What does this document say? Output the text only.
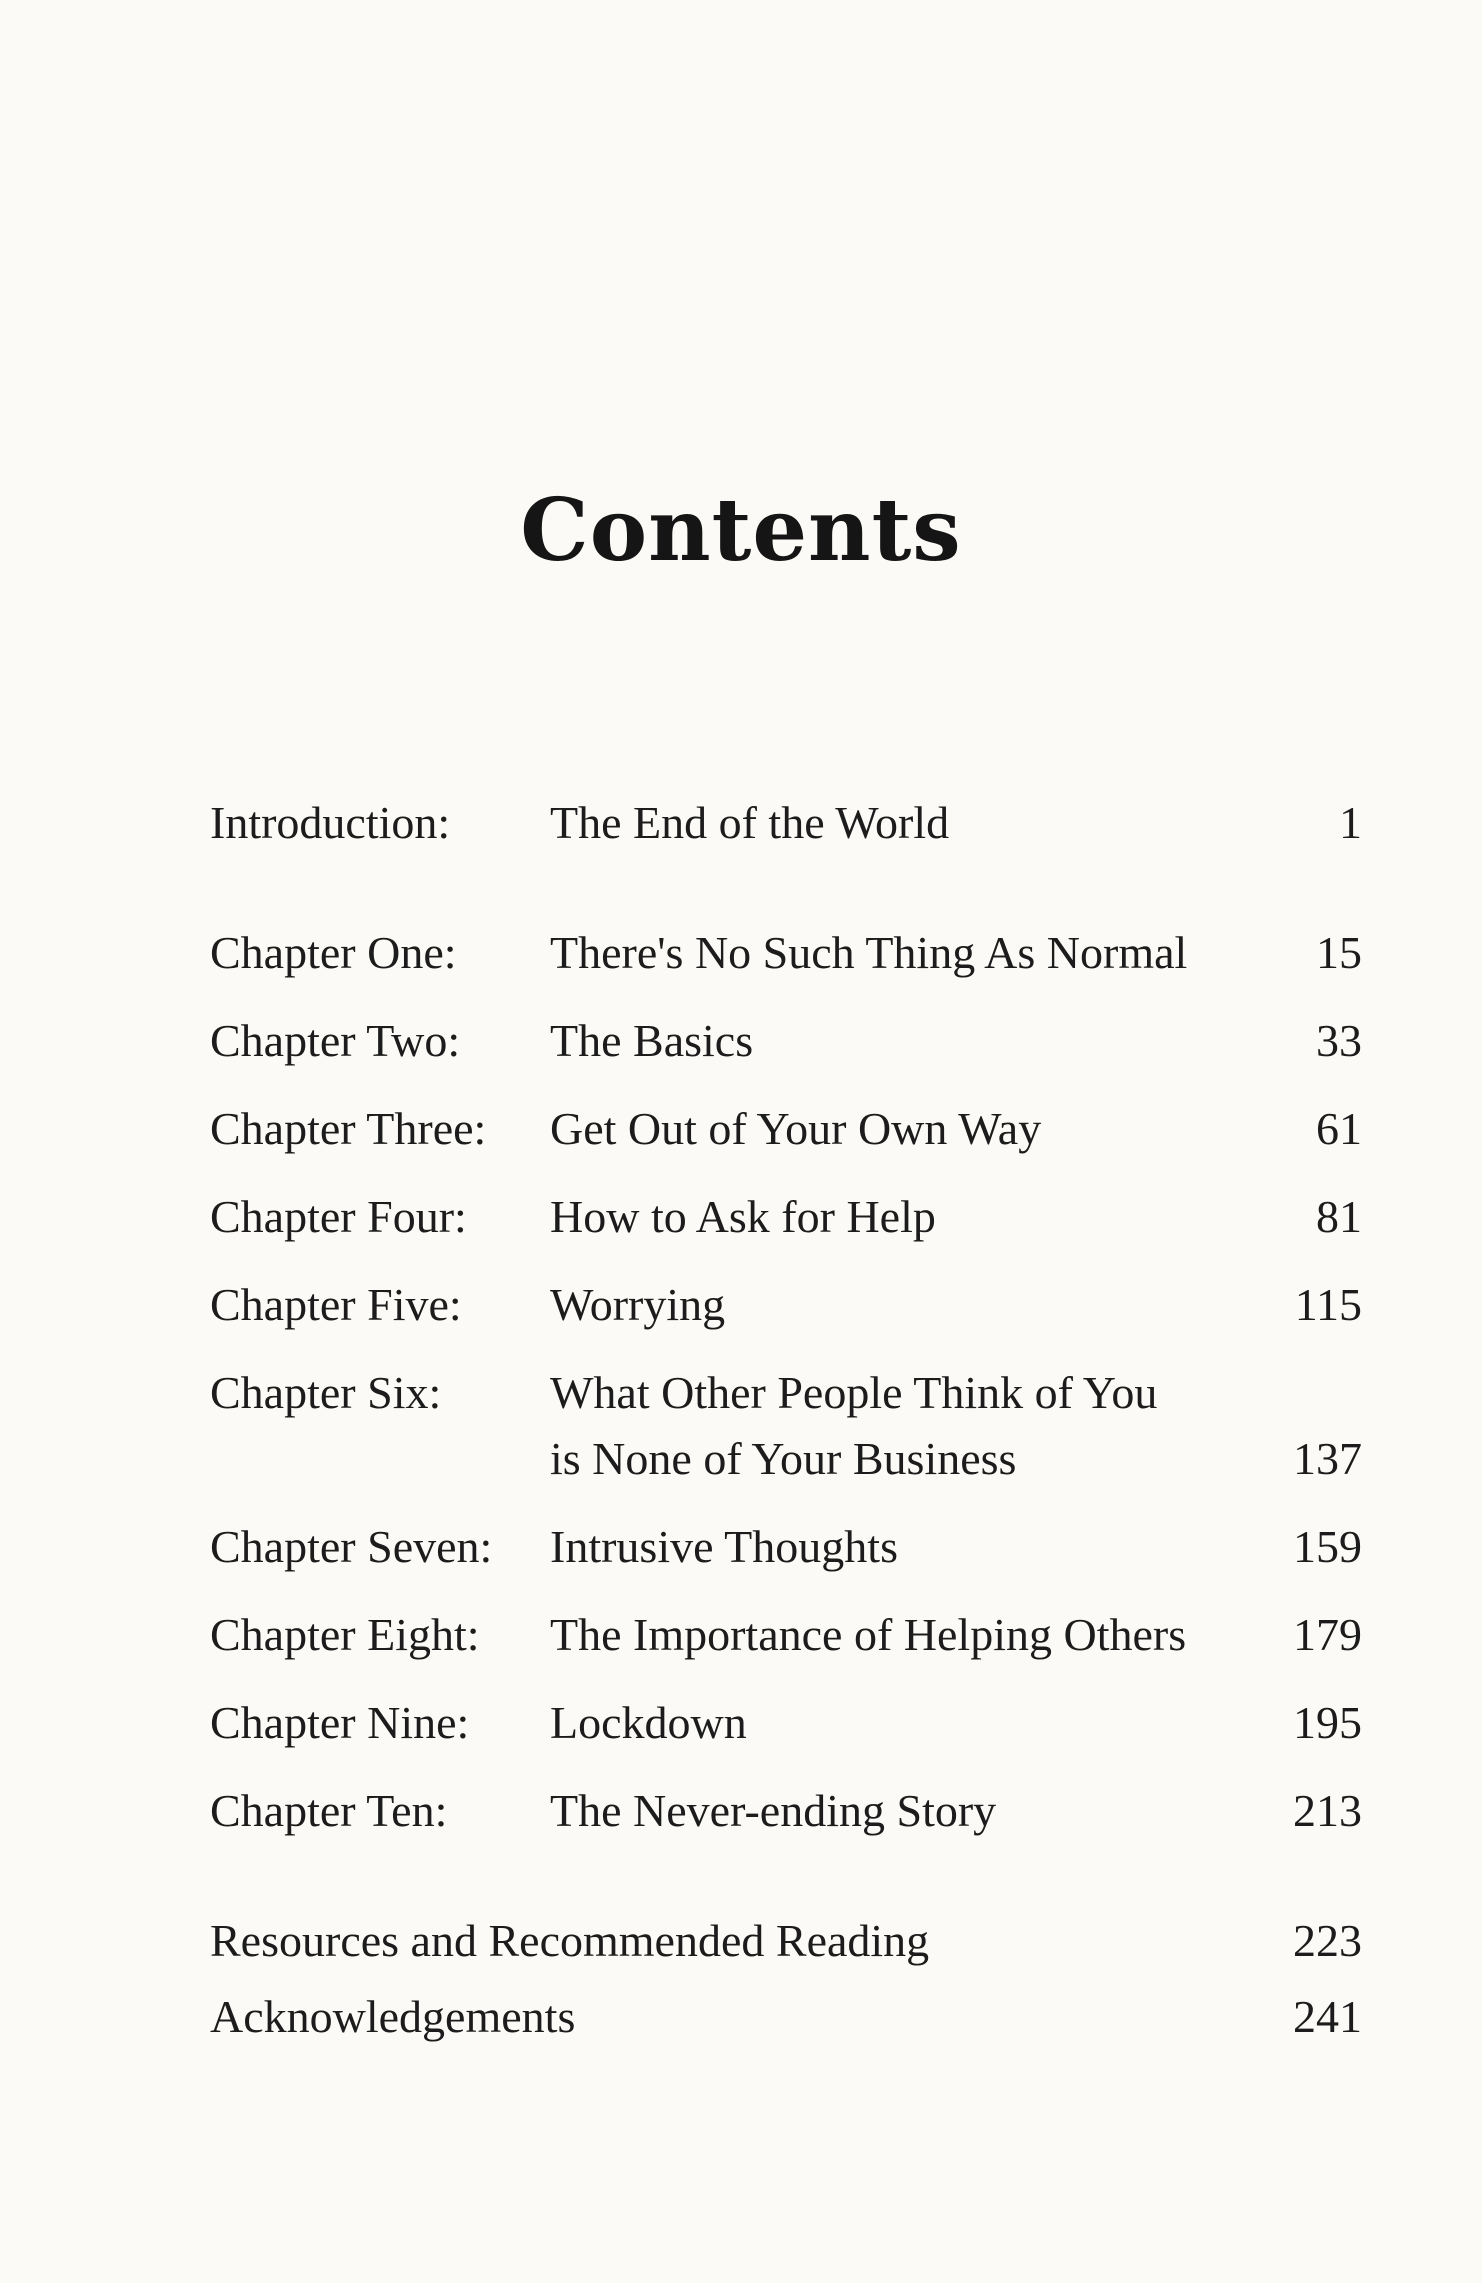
Contents
Introduction: The End of the World	1
Chapter One: There's No Such Thing As Normal	15
Chapter Two: The Basics	33
Chapter Three: Get Out of Your Own Way	61
Chapter Four: How to Ask for Help	81
Chapter Five: Worrying	115
Chapter Six: What Other People Think of You
is None of Your Business	137
Chapter Seven: Intrusive Thoughts	159
Chapter Eight: The Importance of Helping Others	179
Chapter Nine: Lockdown	195
Chapter Ten: The Never-ending Story	213
Resources and Recommended Reading	223
Acknowledgements	241
